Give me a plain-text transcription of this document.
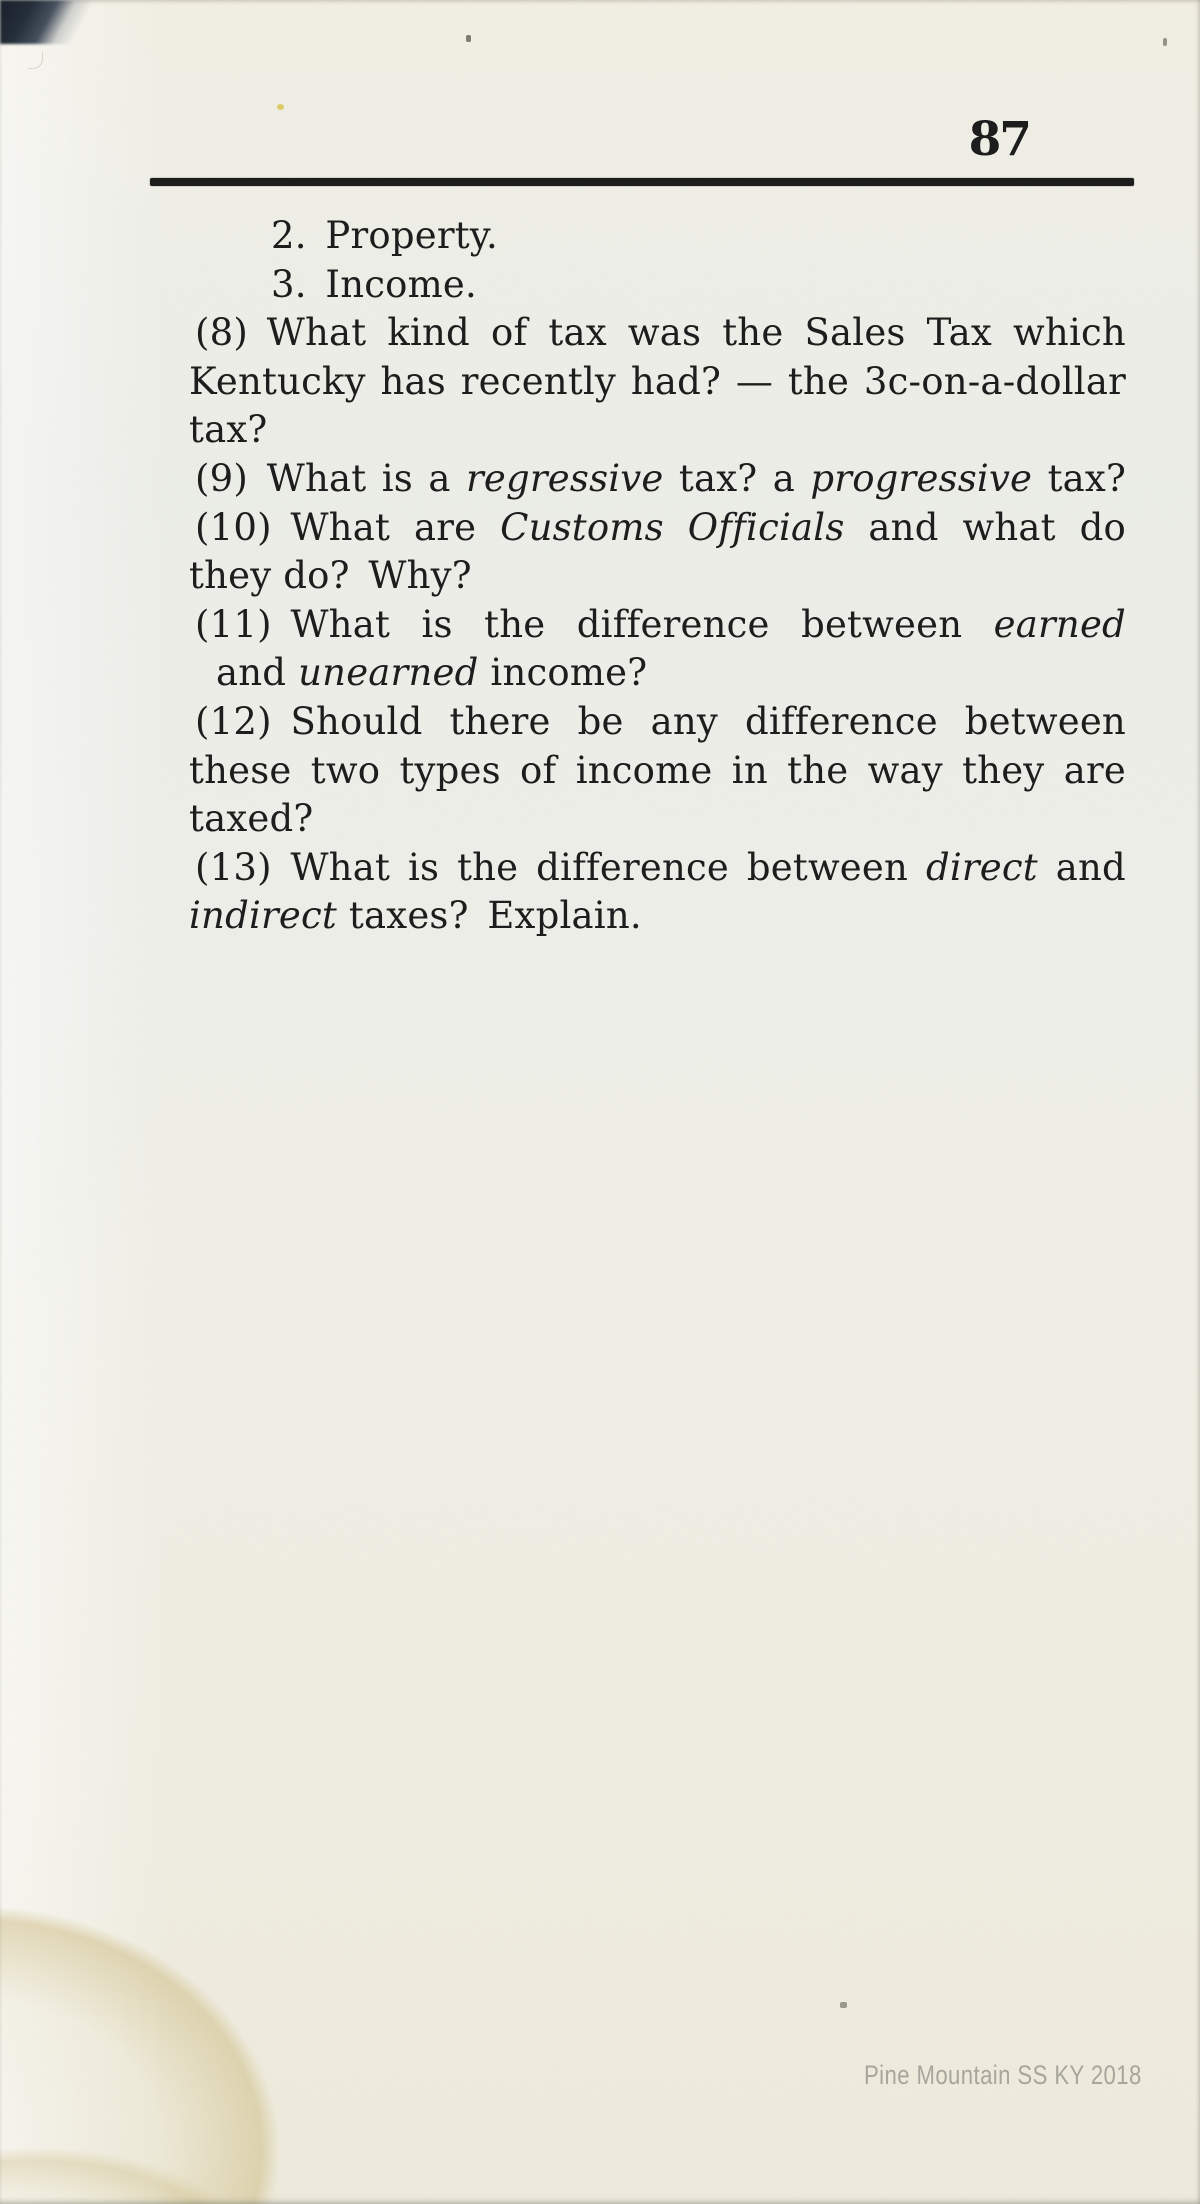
87
2. Property.
3. Income.
(8) What kind of tax was the Sales Tax which
Kentucky has recently had? — the 3c-on-a-dollar
tax?
(9) What is a regressive tax? a progressive tax?
(10) What are Customs Officials and what do
they do? Why?
(11) What is the difference between earned
and unearned income?
(12) Should there be any difference between
these two types of income in the way they are
taxed?
(13) What is the difference between direct and
indirect taxes? Explain.
Pine Mountain SS KY 2018
